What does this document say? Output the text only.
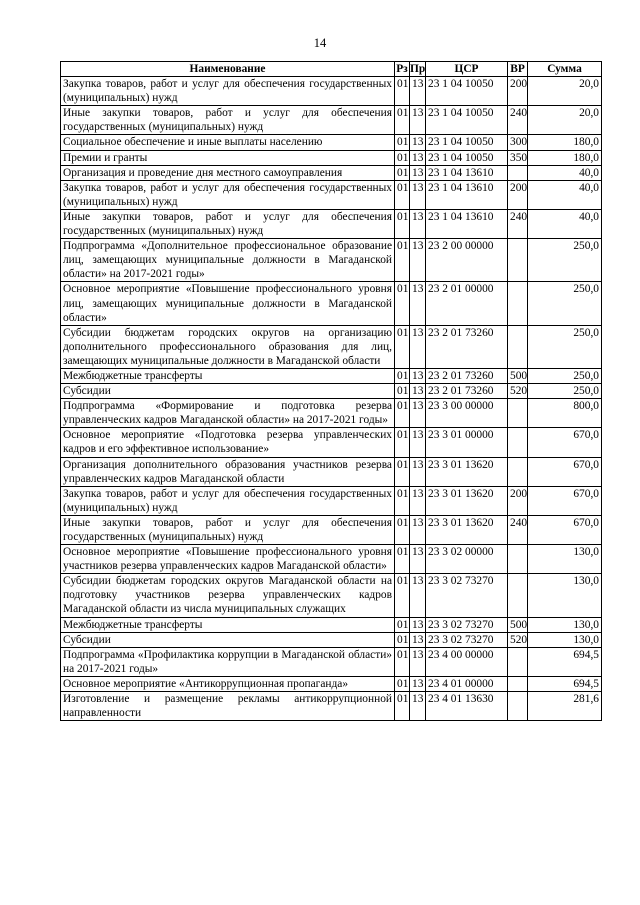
14
Наименование	Рз	Пр	ЦСР	ВР	Сумма
Закупка товаров, работ и услуг для обеспечения государственных (муниципальных) нужд	01	13	23 1 04 10050	200	20,0
Иные закупки товаров, работ и услуг для обеспечения государственных (муниципальных) нужд	01	13	23 1 04 10050	240	20,0
Социальное обеспечение и иные выплаты населению	01	13	23 1 04 10050	300	180,0
Премии и гранты	01	13	23 1 04 10050	350	180,0
Организация и проведение дня местного самоуправления	01	13	23 1 04 13610		40,0
Закупка товаров, работ и услуг для обеспечения государственных (муниципальных) нужд	01	13	23 1 04 13610	200	40,0
Иные закупки товаров, работ и услуг для обеспечения государственных (муниципальных) нужд	01	13	23 1 04 13610	240	40,0
Подпрограмма «Дополнительное профессиональное образование лиц, замещающих муниципальные должности в Магаданской области» на 2017-2021 годы»	01	13	23 2 00 00000		250,0
Основное мероприятие «Повышение профессионального уровня лиц, замещающих муниципальные должности в Магаданской области»	01	13	23 2 01 00000		250,0
Субсидии бюджетам городских округов на организацию дополнительного профессионального образования для лиц, замещающих муниципальные должности в Магаданской области	01	13	23 2 01 73260		250,0
Межбюджетные трансферты	01	13	23 2 01 73260	500	250,0
Субсидии	01	13	23 2 01 73260	520	250,0
Подпрограмма «Формирование и подготовка резерва управленческих кадров Магаданской области» на 2017-2021 годы»	01	13	23 3 00 00000		800,0
Основное мероприятие «Подготовка резерва управленческих кадров и его эффективное использование»	01	13	23 3 01 00000		670,0
Организация дополнительного образования участников резерва управленческих кадров Магаданской области	01	13	23 3 01 13620		670,0
Закупка товаров, работ и услуг для обеспечения государственных (муниципальных) нужд	01	13	23 3 01 13620	200	670,0
Иные закупки товаров, работ и услуг для обеспечения государственных (муниципальных) нужд	01	13	23 3 01 13620	240	670,0
Основное мероприятие «Повышение профессионального уровня участников резерва управленческих кадров Магаданской области»	01	13	23 3 02 00000		130,0
Субсидии бюджетам городских округов Магаданской области на подготовку участников резерва управленческих кадров Магаданской области из числа муниципальных служащих	01	13	23 3 02 73270		130,0
Межбюджетные трансферты	01	13	23 3 02 73270	500	130,0
Субсидии	01	13	23 3 02 73270	520	130,0
Подпрограмма «Профилактика коррупции в Магаданской области» на 2017-2021 годы»	01	13	23 4 00 00000		694,5
Основное мероприятие «Антикоррупционная пропаганда»	01	13	23 4 01 00000		694,5
Изготовление и размещение рекламы антикоррупционной направленности	01	13	23 4 01 13630		281,6
